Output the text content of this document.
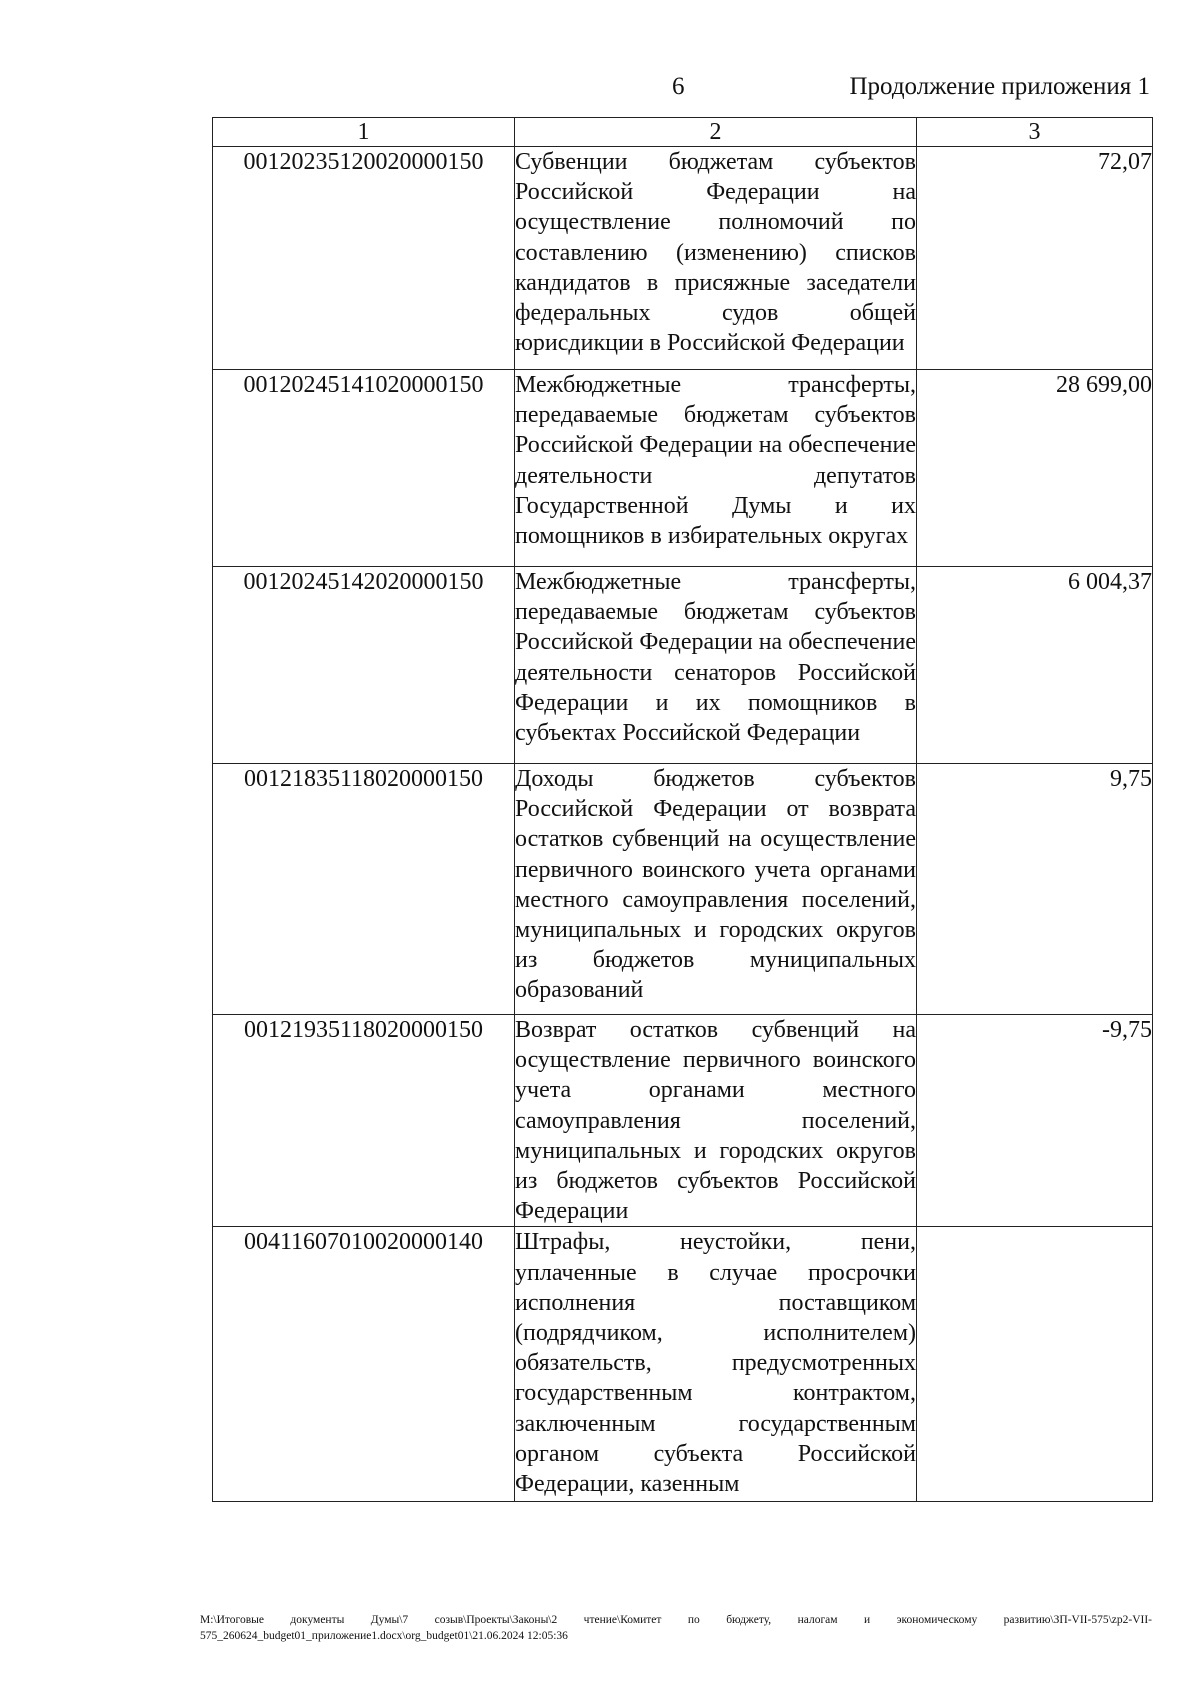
6	Продолжение приложения 1
1	2	3
00120235120020000150	Субвенции бюджетам субъектов Российской Федерации на осуществление полномочий по составлению (изменению) списков кандидатов в присяжные заседатели федеральных судов общей юрисдикции в Российской Федерации	72,07
00120245141020000150	Межбюджетные трансферты, передаваемые бюджетам субъектов Российской Федерации на обеспечение деятельности депутатов Государственной Думы и их помощников в избирательных округах	28 699,00
00120245142020000150	Межбюджетные трансферты, передаваемые бюджетам субъектов Российской Федерации на обеспечение деятельности сенаторов Российской Федерации и их помощников в субъектах Российской Федерации	6 004,37
00121835118020000150	Доходы бюджетов субъектов Российской Федерации от возврата остатков субвенций на осуществление первичного воинского учета органами местного самоуправления поселений, муниципальных и городских округов из бюджетов муниципальных образований	9,75
00121935118020000150	Возврат остатков субвенций на осуществление первичного воинского учета органами местного самоуправления поселений, муниципальных и городских округов из бюджетов субъектов Российской Федерации	-9,75
00411607010020000140	Штрафы, неустойки, пени, уплаченные в случае просрочки исполнения поставщиком (подрядчиком, исполнителем) обязательств, предусмотренных государственным контрактом, заключенным государственным органом субъекта Российской Федерации, казенным	
M:\Итоговые документы Думы\7 созыв\Проекты\Законы\2 чтение\Комитет по бюджету, налогам и экономическому развитию\ЗП-VII-575\zp2-VII-
575_260624_budget01_приложение1.docx\org_budget01\21.06.2024 12:05:36
